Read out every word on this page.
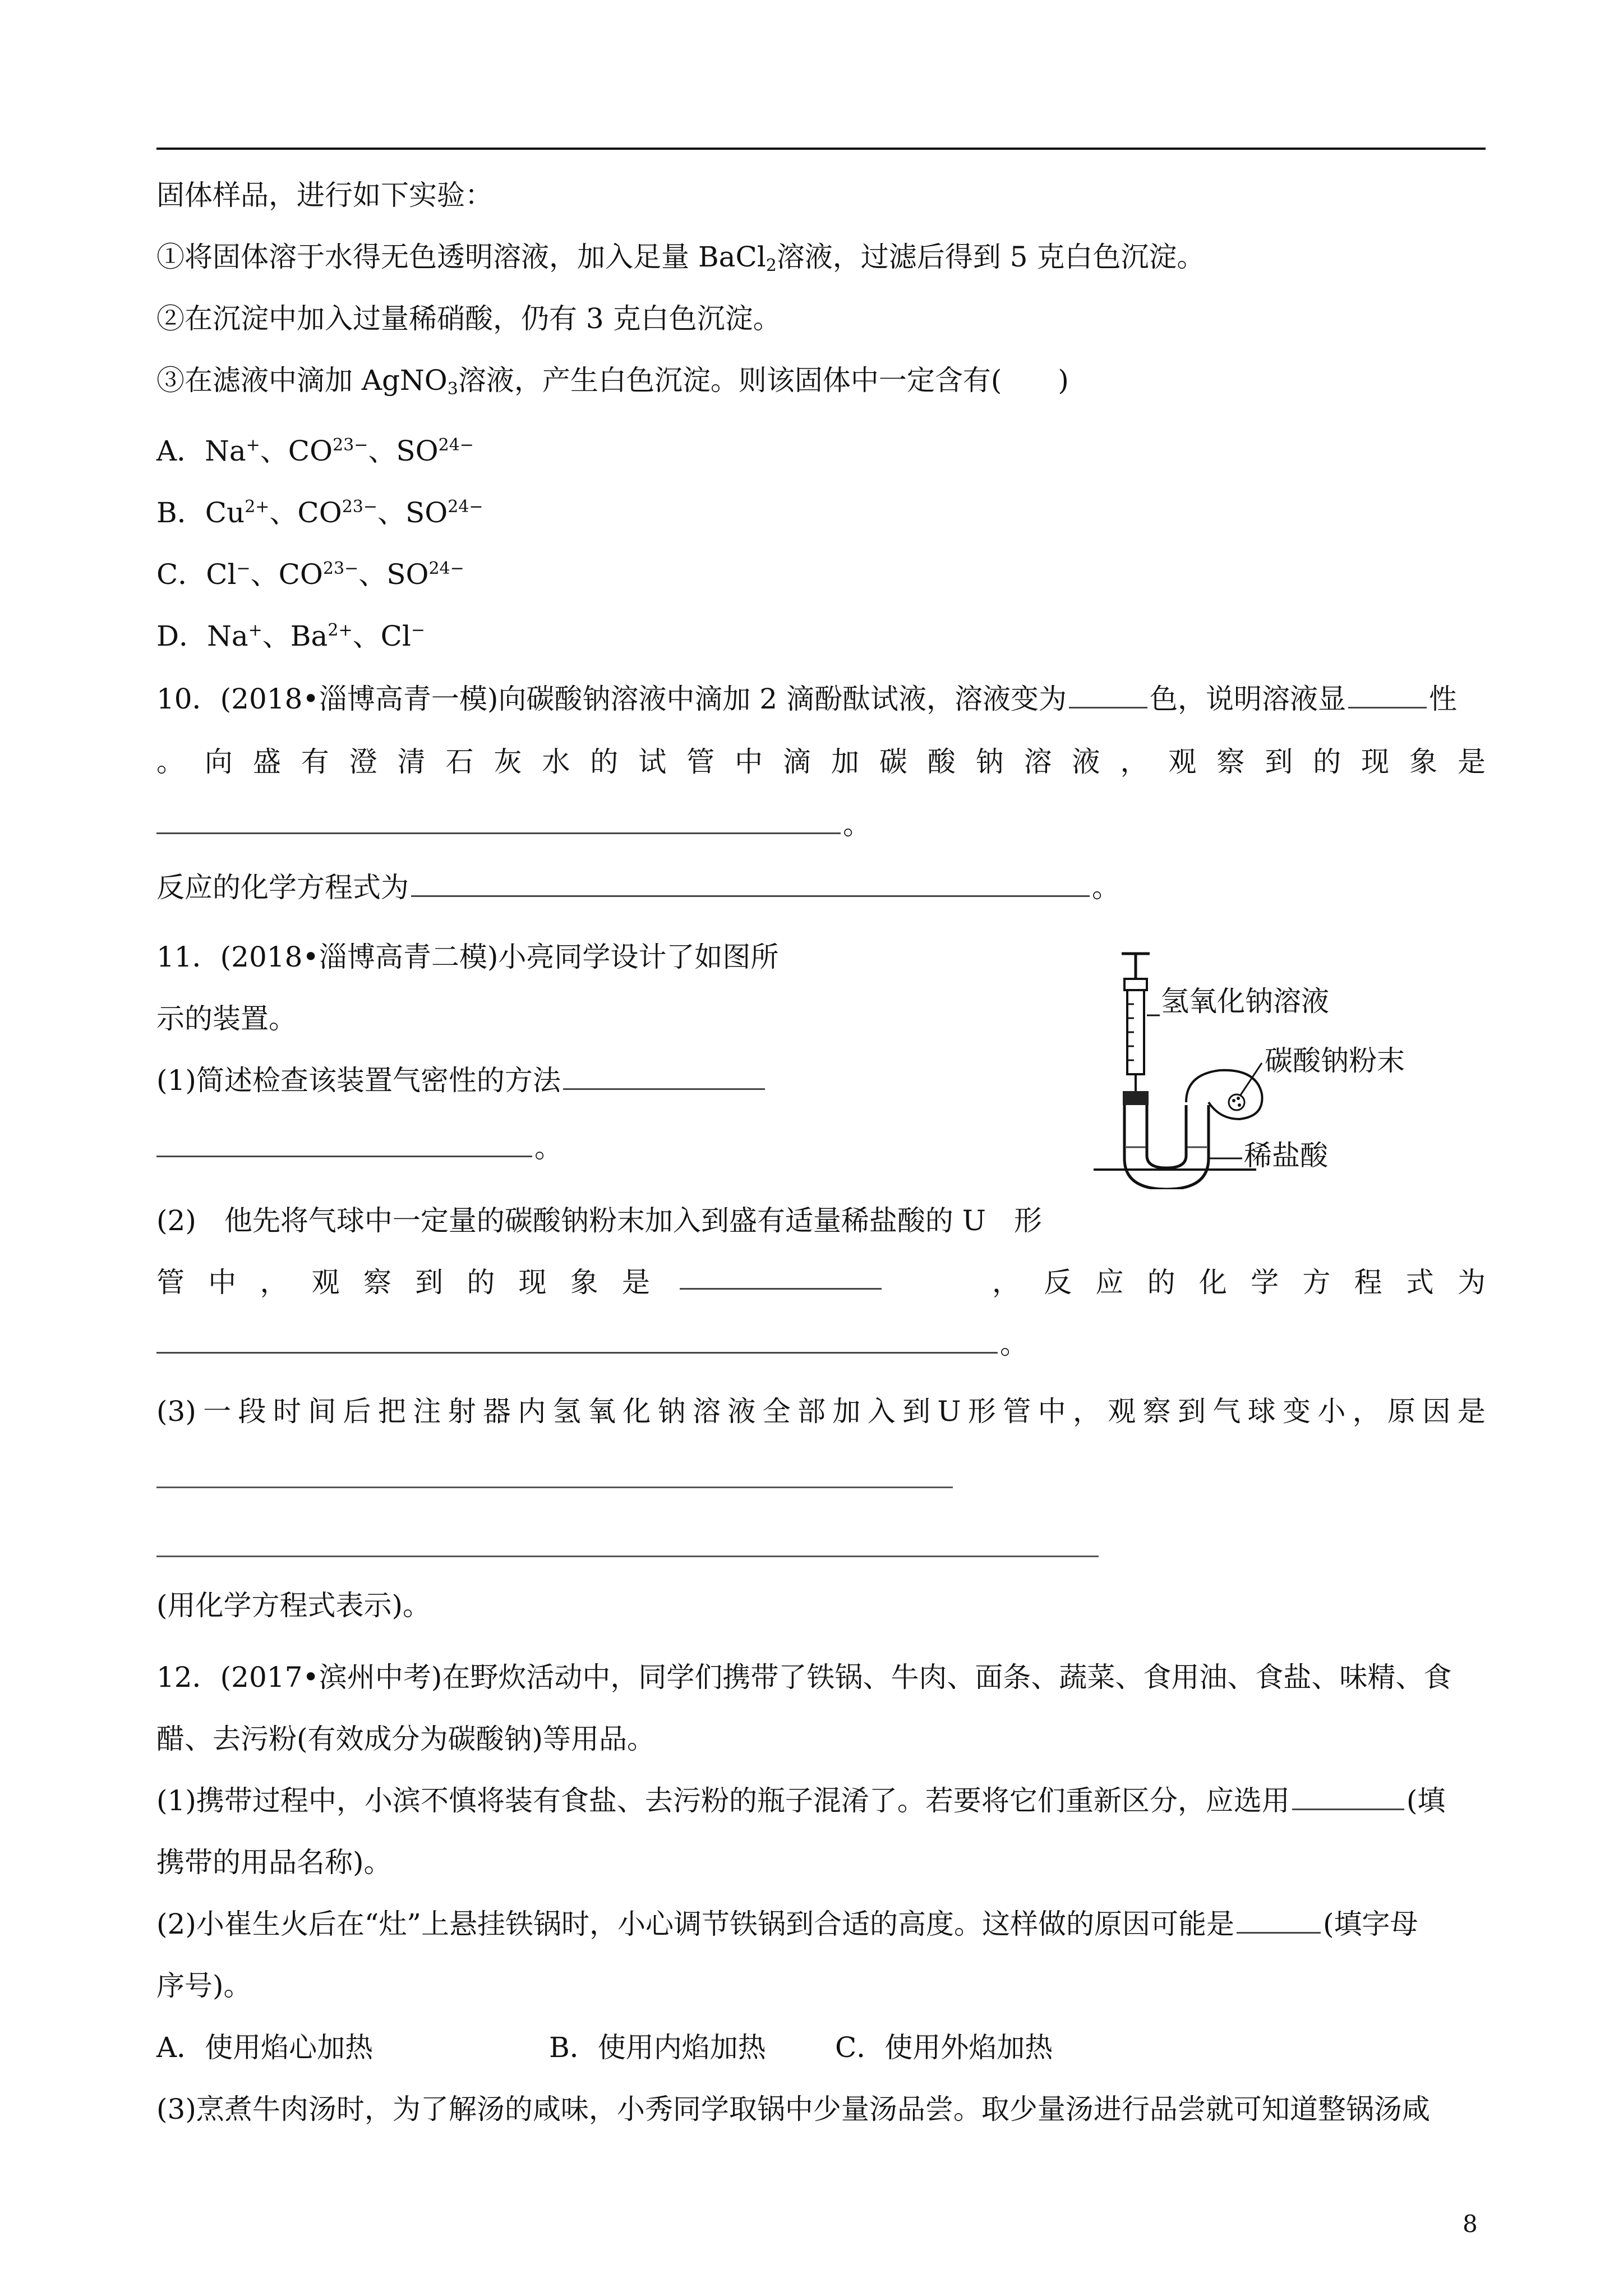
固体样品，进行如下实验：
①将固体溶于水得无色透明溶液，加入足量 BaCl$_2$溶液，过滤后得到 5 克白色沉淀。
②在沉淀中加入过量稀硝酸，仍有 3 克白色沉淀。
③在滤液中滴加 AgNO$_3$溶液，产生白色沉淀。则该固体中一定含有(　　)
A．Na+、$CO^{23-}$、$SO^{24-}$
B．$Cu^{2+}$、$CO^{23-}$、$SO^{24-}$
C．Cl−、$CO^{23-}$、$SO^{24-}$
D．Na+、$Ba^{2+}$、Cl−
10．(2018•淄博高青一模)向碳酸钠溶液中滴加 2 滴酚酞试液，溶液变为	色，说明溶液显	性
。 向 盛 有 澄 清 石 灰 水 的 试 管 中 滴 加 碳 酸 钠 溶 液 ， 观 察 到 的 现 象 是
。
反应的化学方程式为	。
11．(2018•淄博高青二模)小亮同学设计了如图所
示的装置。
(1)简述检查该装置气密性的方法
。
(2)　他先将气球中一定量的碳酸钠粉末加入到盛有适量稀盐酸的 U　形
管 中 ， 观 察 到 的 现 象 是	， 反 应 的 化 学 方 程 式 为
。
(3) 一 段 时 间 后 把 注 射 器 内 氢 氧 化 钠 溶 液 全 部 加 入 到 U 形 管 中 ， 观 察 到 气 球 变 小 ， 原 因 是
(用化学方程式表示)。
氢氧化钠溶液
碳酸钠粉末
稀盐酸
12．(2017•滨州中考)在野炊活动中，同学们携带了铁锅、牛肉、面条、蔬菜、食用油、食盐、味精、食
醋、去污粉(有效成分为碳酸钠)等用品。
(1)携带过程中，小滨不慎将装有食盐、去污粉的瓶子混淆了。若要将它们重新区分，应选用	(填
携带的用品名称)。
(2)小崔生火后在“灶”上悬挂铁锅时，小心调节铁锅到合适的高度。这样做的原因可能是	(填字母
序号)。
A．使用焰心加热	B．使用内焰加热 C．使用外焰加热
(3)烹煮牛肉汤时，为了解汤的咸味，小秀同学取锅中少量汤品尝。取少量汤进行品尝就可知道整锅汤咸
8
